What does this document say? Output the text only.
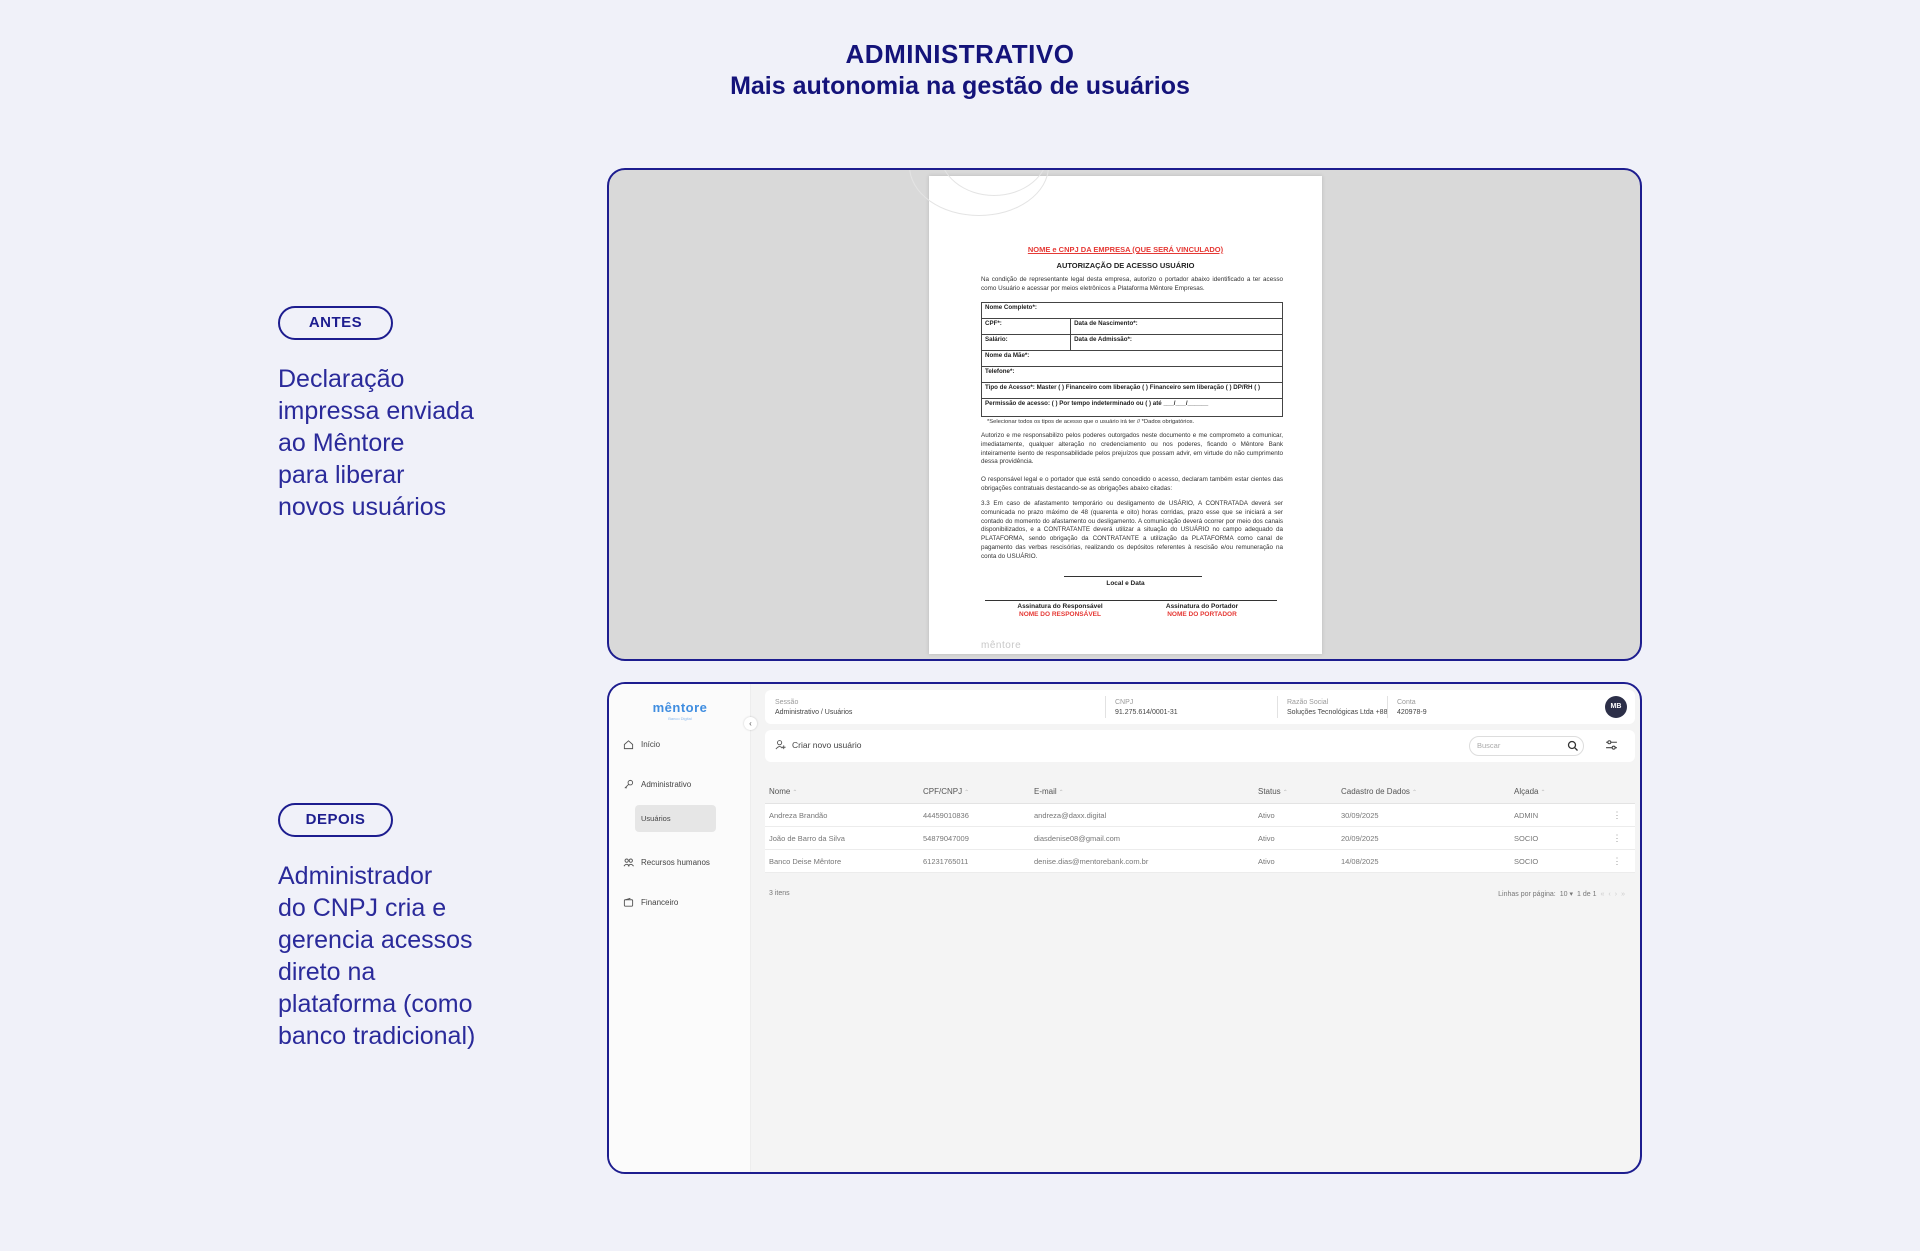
ADMINISTRATIVO
Mais autonomia na gestão de usuários
ANTES
Declaração
impressa enviada
ao Mêntore
para liberar
novos usuários
DEPOIS
Administrador
do CNPJ cria e
gerencia acessos
direto na
plataforma (como
banco tradicional)
NOME e CNPJ DA EMPRESA (QUE SERÁ VINCULADO)
AUTORIZAÇÃO DE ACESSO USUÁRIO
Na condição de representante legal desta empresa, autorizo o portador abaixo identificado a ter acesso como Usuário e acessar por meios eletrônicos a Plataforma Mêntore Empresas.
Nome Completo*:	
CPF*:	Data de Nascimento*:
Salário:	Data de Admissão*:
Nome da Mãe*:	
Telefone*:	
Tipo de Acesso*: Master ( ) Financeiro com liberação ( ) Financeiro sem liberação ( ) DP/RH ( )	
Permissão de acesso: ( ) Por tempo indeterminado ou ( ) até ___/___/______	
*Selecionar todos os tipos de acesso que o usuário irá ter // *Dados obrigatórios.
Autorizo e me responsabilizo pelos poderes outorgados neste documento e me comprometo a comunicar, imediatamente, qualquer alteração no credenciamento ou nos poderes, ficando o Mêntore Bank inteiramente isento de responsabilidade pelos prejuízos que possam advir, em virtude do não cumprimento dessa providência.
O responsável legal e o portador que está sendo concedido o acesso, declaram também estar cientes das obrigações contratuais destacando-se as obrigações abaixo citadas:
3.3 Em caso de afastamento temporário ou desligamento de USÁRIO, A CONTRATADA deverá ser comunicada no prazo máximo de 48 (quarenta e oito) horas corridas, prazo esse que se iniciará a ser contado do momento do afastamento ou desligamento. A comunicação deverá ocorrer por meio dos canais disponibilizados, e a CONTRATANTE deverá utilizar a situação do USUÁRIO no campo adequado da PLATAFORMA, sendo obrigação da CONTRATANTE a utilização da PLATAFORMA como canal de pagamento das verbas rescisórias, realizando os depósitos referentes à rescisão e/ou remuneração na conta do USUÁRIO.
Local e Data
Assinatura do Responsável
NOME DO RESPONSÁVEL
Assinatura do Portador
NOME DO PORTADOR
mêntore
mêntore
Banco Digital
Início
Administrativo
Usuários
Recursos humanos
Financeiro
‹
Sessão
Administrativo / Usuários
CNPJ
91.275.614/0001-31
Razão Social
Soluções Tecnológicas Ltda +88
Conta
420978-9
MB
Criar novo usuário	Buscar
Nome ⌃	CPF/CNPJ ⌃	E-mail ⌃	Status ⌃	Cadastro de Dados ⌃	Alçada ⌃
Andreza Brandão	44459010836	andreza@daxx.digital	Ativo	30/09/2025	ADMIN	⋮
João de Barro da Silva	54879047009	diasdenise08@gmail.com	Ativo	20/09/2025	SOCIO	⋮
Banco Deise Mêntore	61231765011	denise.dias@mentorebank.com.br	Ativo	14/08/2025	SOCIO	⋮
3 itens	Linhas por página: 10 ▾ 1 de 1 « ‹ › »
